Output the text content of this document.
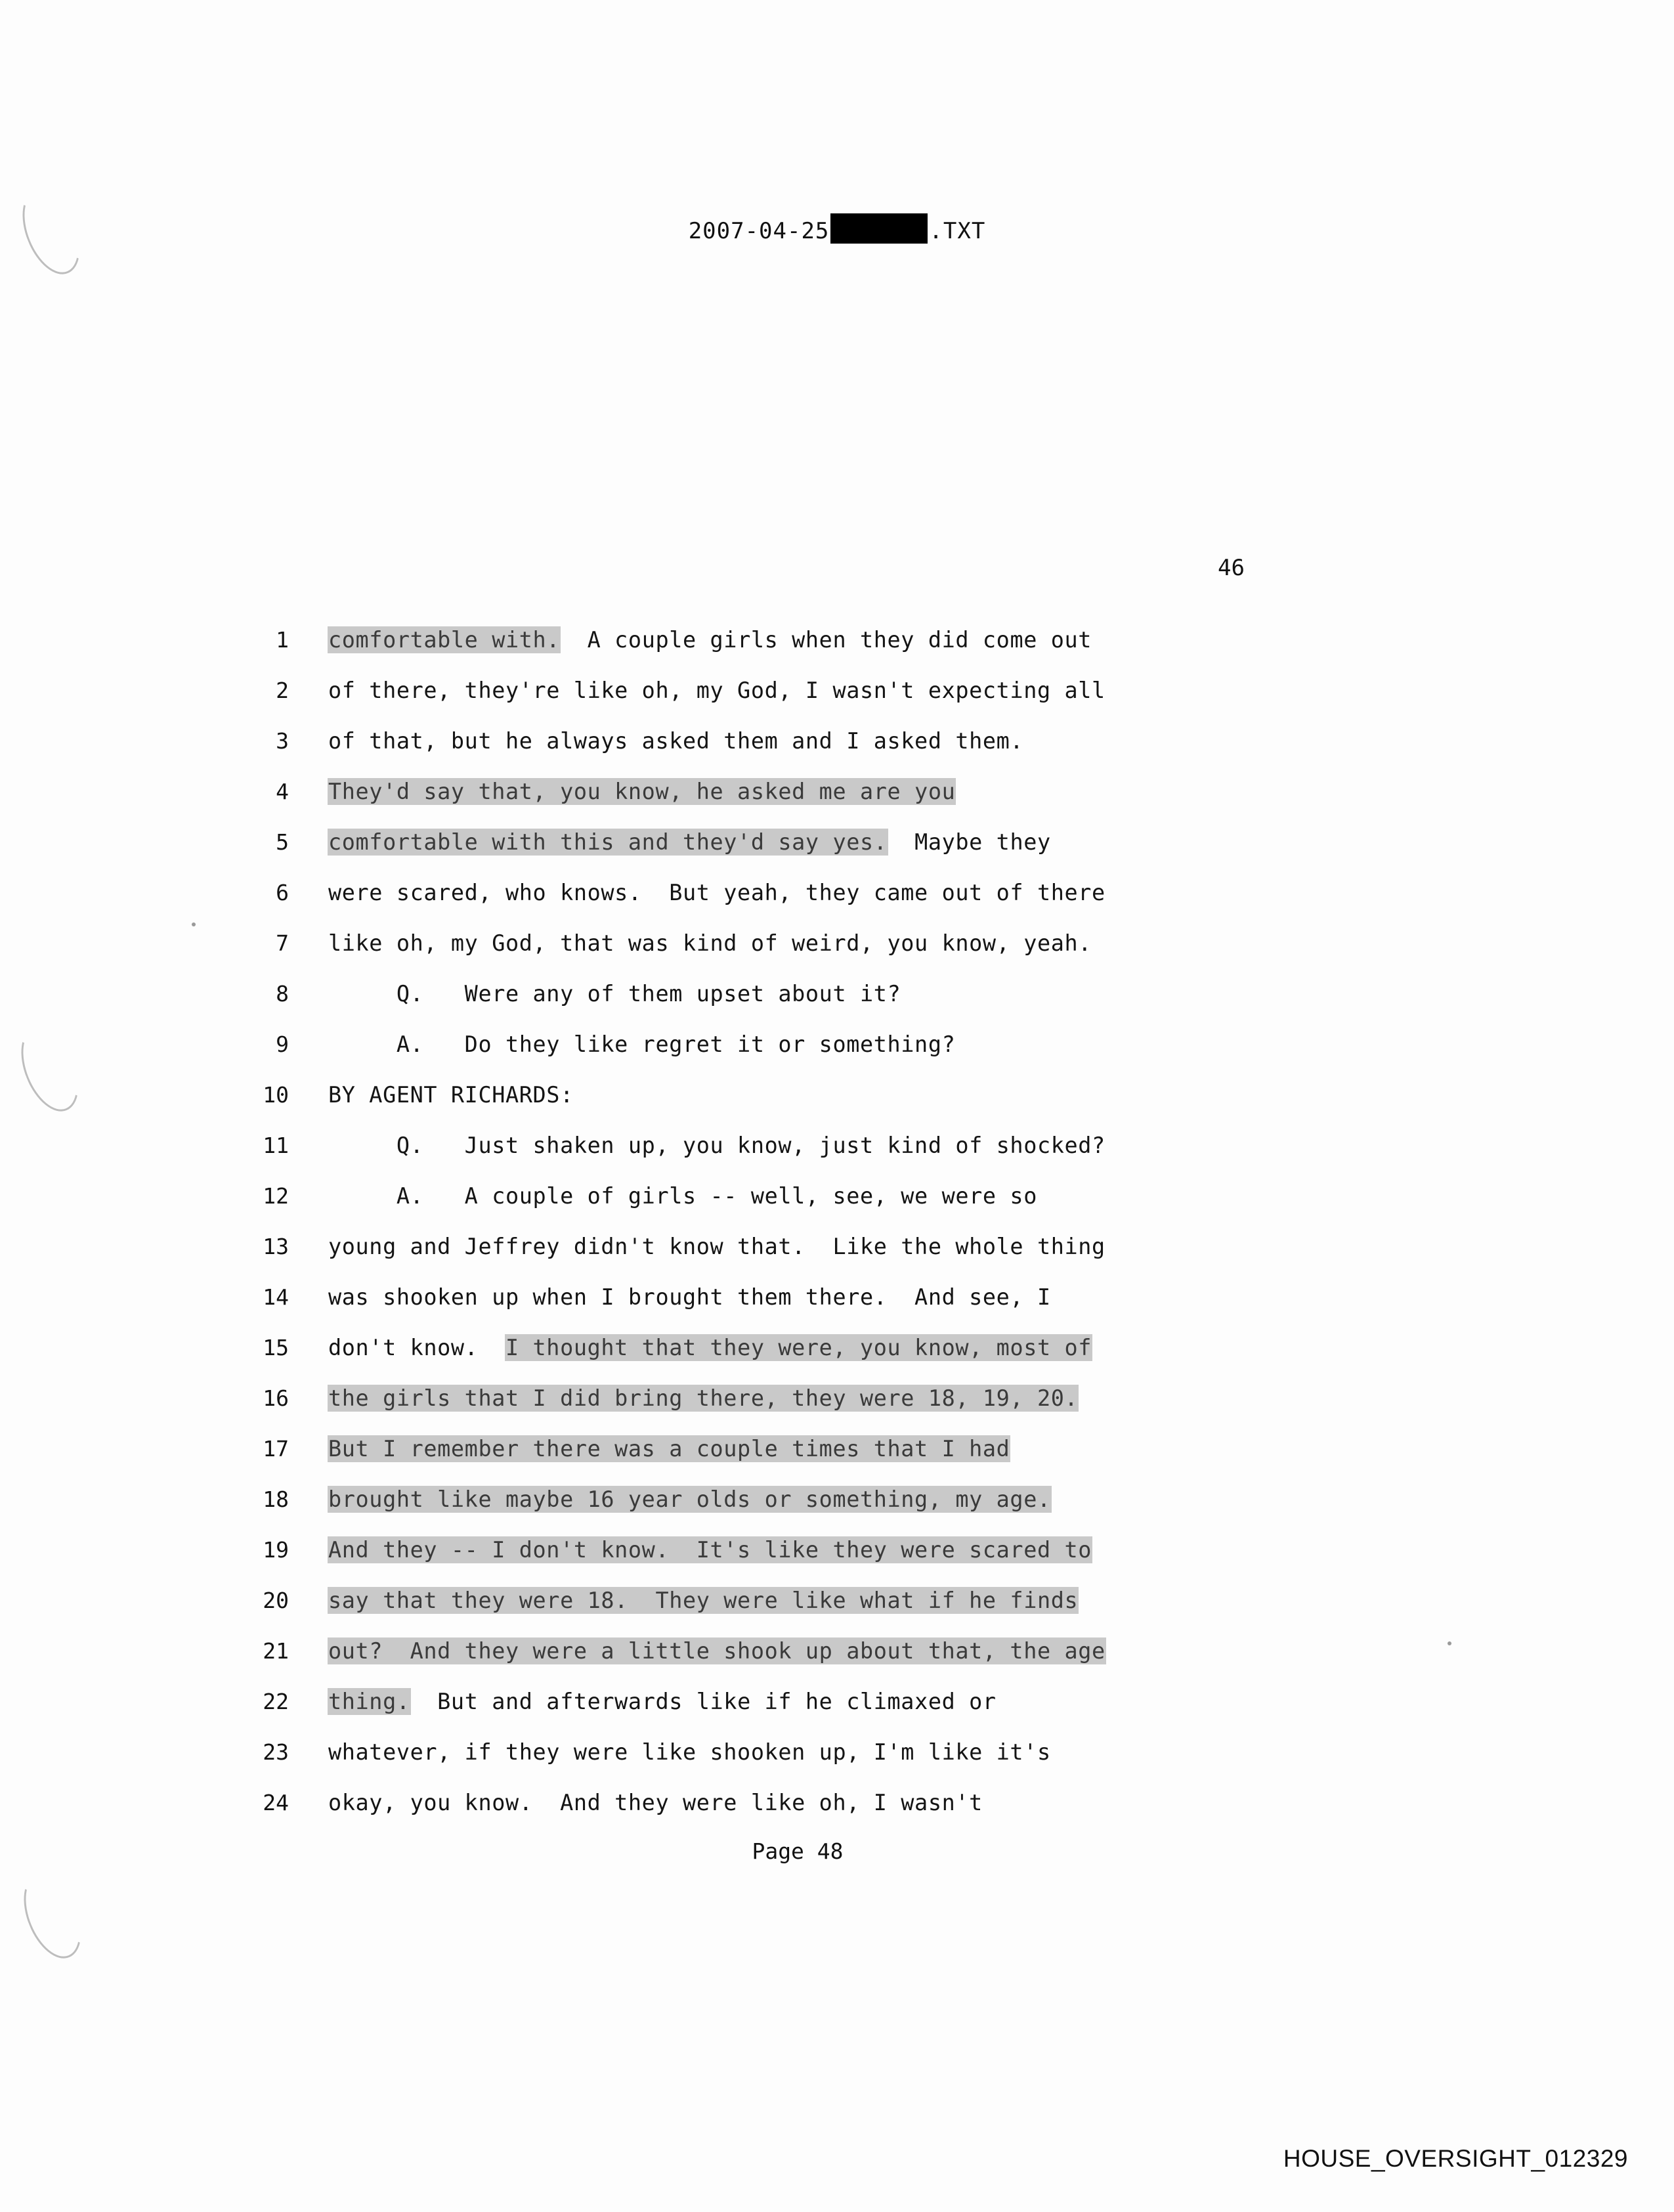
2007-04-25	.TXT
46
1	comfortable with.  A couple girls when they did come out
2	of there, they're like oh, my God, I wasn't expecting all
3	of that, but he always asked them and I asked them.
4	They'd say that, you know, he asked me are you
5	comfortable with this and they'd say yes.  Maybe they
6	were scared, who knows.  But yeah, they came out of there
7	like oh, my God, that was kind of weird, you know, yeah.
8	Q.   Were any of them upset about it?
9	A.   Do they like regret it or something?
10	BY AGENT RICHARDS:
11	Q.   Just shaken up, you know, just kind of shocked?
12	A.   A couple of girls -- well, see, we were so
13	young and Jeffrey didn't know that.  Like the whole thing
14	was shooken up when I brought them there.  And see, I
15	don't know.  I thought that they were, you know, most of
16	the girls that I did bring there, they were 18, 19, 20.
17	But I remember there was a couple times that I had
18	brought like maybe 16 year olds or something, my age.
19	And they -- I don't know.  It's like they were scared to
20	say that they were 18.  They were like what if he finds
21	out?  And they were a little shook up about that, the age
22	thing.  But and afterwards like if he climaxed or
23	whatever, if they were like shooken up, I'm like it's
24	okay, you know.  And they were like oh, I wasn't
Page 48
HOUSE_OVERSIGHT_012329
